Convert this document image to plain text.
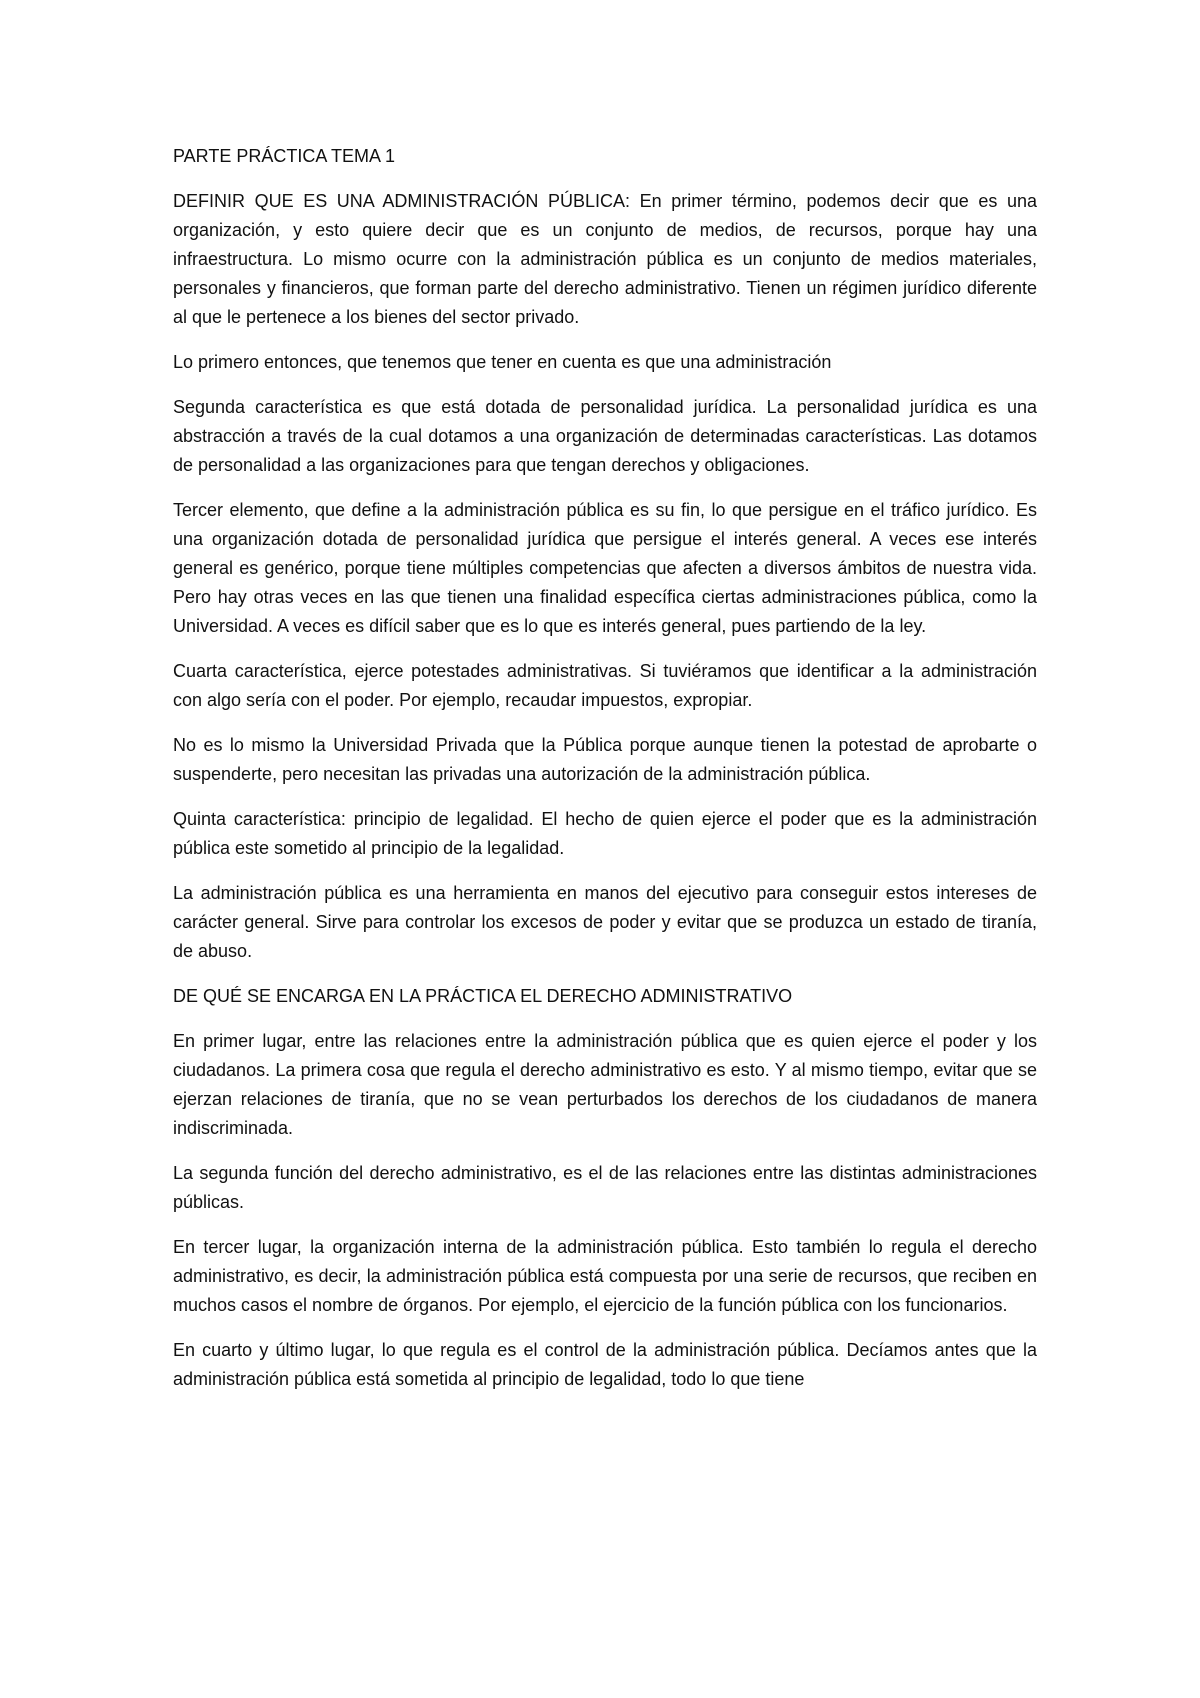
PARTE PRÁCTICA TEMA 1

DEFINIR QUE ES UNA ADMINISTRACIÓN PÚBLICA: En primer término, podemos decir que es una organización, y esto quiere decir que es un conjunto de medios, de recursos, porque hay una infraestructura. Lo mismo ocurre con la administración pública es un conjunto de medios materiales, personales y financieros, que forman parte del derecho administrativo. Tienen un régimen jurídico diferente al que le pertenece a los bienes del sector privado.

Lo primero entonces, que tenemos que tener en cuenta es que una administración

Segunda característica es que está dotada de personalidad jurídica. La personalidad jurídica es una abstracción a través de la cual dotamos a una organización de determinadas características. Las dotamos de personalidad a las organizaciones para que tengan derechos y obligaciones.

Tercer elemento, que define a la administración pública es su fin, lo que persigue en el tráfico jurídico. Es una organización dotada de personalidad jurídica que persigue el interés general. A veces ese interés general es genérico, porque tiene múltiples competencias que afecten a diversos ámbitos de nuestra vida. Pero hay otras veces en las que tienen una finalidad específica ciertas administraciones pública, como la Universidad. A veces es difícil saber que es lo que es interés general, pues partiendo de la ley.

Cuarta característica, ejerce potestades administrativas. Si tuviéramos que identificar a la administración con algo sería con el poder. Por ejemplo, recaudar impuestos, expropiar.

No es lo mismo la Universidad Privada que la Pública porque aunque tienen la potestad de aprobarte o suspenderte, pero necesitan las privadas una autorización de la administración pública.

Quinta característica: principio de legalidad. El hecho de quien ejerce el poder que es la administración pública este sometido al principio de la legalidad.

La administración pública es una herramienta en manos del ejecutivo para conseguir estos intereses de carácter general. Sirve para controlar los excesos de poder y evitar que se produzca un estado de tiranía, de abuso.

DE QUÉ SE ENCARGA EN LA PRÁCTICA EL DERECHO ADMINISTRATIVO

En primer lugar, entre las relaciones entre la administración pública que es quien ejerce el poder y los ciudadanos. La primera cosa que regula el derecho administrativo es esto. Y al mismo tiempo, evitar que se ejerzan relaciones de tiranía, que no se vean perturbados los derechos de los ciudadanos de manera indiscriminada.

La segunda función del derecho administrativo, es el de las relaciones entre las distintas administraciones públicas.

En tercer lugar, la organización interna de la administración pública. Esto también lo regula el derecho administrativo, es decir, la administración pública está compuesta por una serie de recursos, que reciben en muchos casos el nombre de órganos. Por ejemplo, el ejercicio de la función pública con los funcionarios.

En cuarto y último lugar, lo que regula es el control de la administración pública. Decíamos antes que la administración pública está sometida al principio de legalidad, todo lo que tiene
